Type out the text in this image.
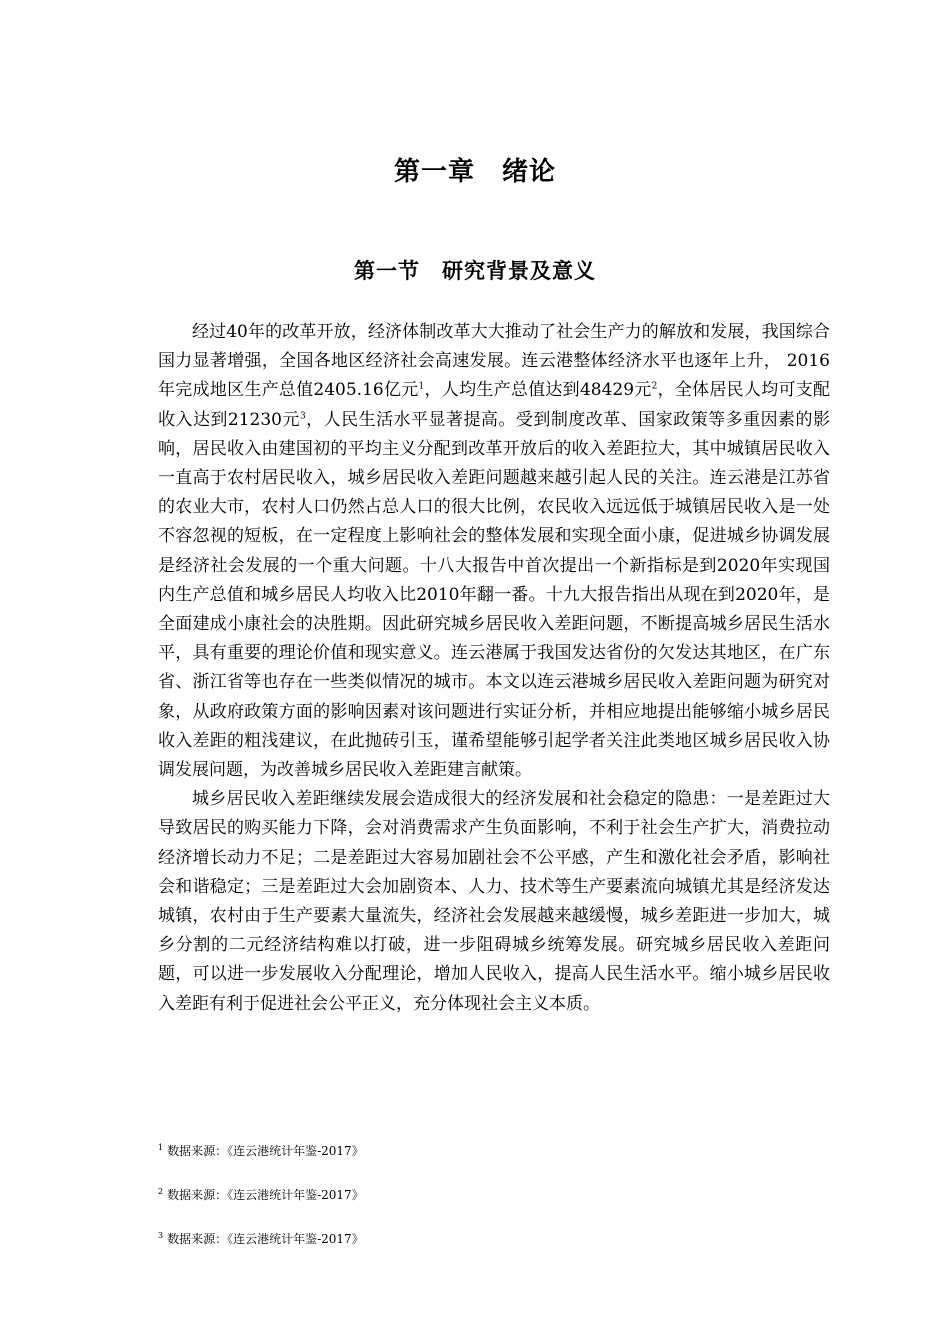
第一章　绪论
第一节　研究背景及意义

经过40年的改革开放，经济体制改革大大推动了社会生产力的解放和发展，我国综合国力显著增强，全国各地区经济社会高速发展。连云港整体经济水平也逐年上升， 2016年完成地区生产总值2405.16亿元$^1$，人均生产总值达到48429元$^2$，全体居民人均可支配收入达到21230元$^3$，人民生活水平显著提高。受到制度改革、国家政策等多重因素的影响，居民收入由建国初的平均主义分配到改革开放后的收入差距拉大，其中城镇居民收入一直高于农村居民收入，城乡居民收入差距问题越来越引起人民的关注。连云港是江苏省的农业大市，农村人口仍然占总人口的很大比例，农民收入远远低于城镇居民收入是一处不容忽视的短板，在一定程度上影响社会的整体发展和实现全面小康，促进城乡协调发展是经济社会发展的一个重大问题。十八大报告中首次提出一个新指标是到2020年实现国内生产总值和城乡居民人均收入比2010年翻一番。十九大报告指出从现在到2020年，是全面建成小康社会的决胜期。因此研究城乡居民收入差距问题，不断提高城乡居民生活水平，具有重要的理论价值和现实意义。连云港属于我国发达省份的欠发达其地区，在广东省、浙江省等也存在一些类似情况的城市。本文以连云港城乡居民收入差距问题为研究对象，从政府政策方面的影响因素对该问题进行实证分析，并相应地提出能够缩小城乡居民收入差距的粗浅建议，在此抛砖引玉，谨希望能够引起学者关注此类地区城乡居民收入协调发展问题，为改善城乡居民收入差距建言献策。

城乡居民收入差距继续发展会造成很大的经济发展和社会稳定的隐患：一是差距过大导致居民的购买能力下降，会对消费需求产生负面影响，不利于社会生产扩大，消费拉动经济增长动力不足；二是差距过大容易加剧社会不公平感，产生和激化社会矛盾，影响社会和谐稳定；三是差距过大会加剧资本、人力、技术等生产要素流向城镇尤其是经济发达城镇，农村由于生产要素大量流失，经济社会发展越来越缓慢，城乡差距进一步加大，城乡分割的二元经济结构难以打破，进一步阻碍城乡统筹发展。研究城乡居民收入差距问题，可以进一步发展收入分配理论，增加人民收入，提高人民生活水平。缩小城乡居民收入差距有利于促进社会公平正义，充分体现社会主义本质。

$^1$ 数据来源：《连云港统计年鉴-2017》
$^2$ 数据来源：《连云港统计年鉴-2017》
$^3$ 数据来源：《连云港统计年鉴-2017》
